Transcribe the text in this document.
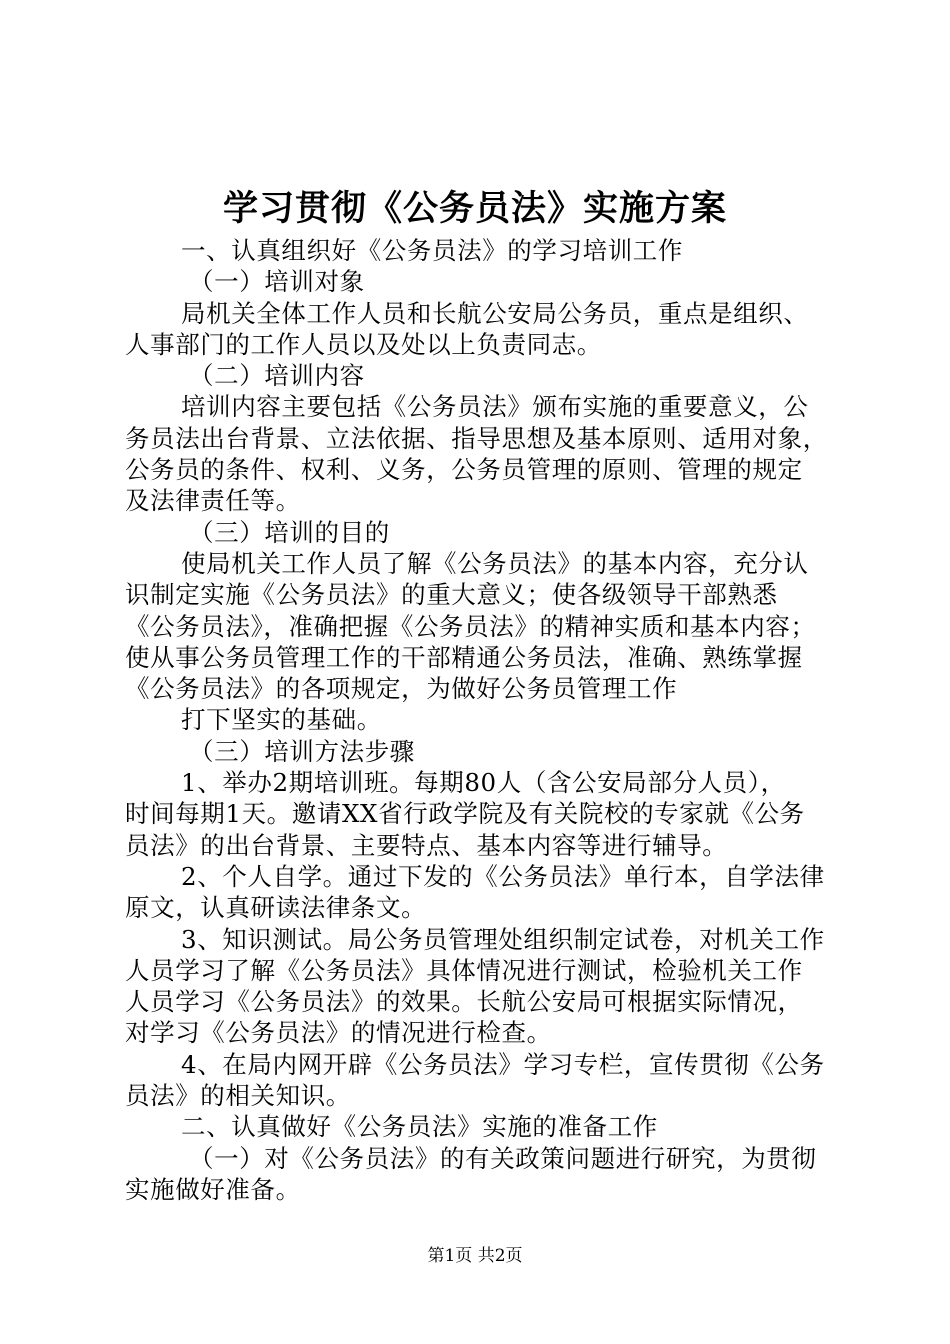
学习贯彻《公务员法》实施方案
一、认真组织好《公务员法》的学习培训工作
（一）培训对象
局机关全体工作人员和长航公安局公务员，重点是组织、
人事部门的工作人员以及处以上负责同志。
（二）培训内容
培训内容主要包括《公务员法》颁布实施的重要意义，公
务员法出台背景、立法依据、指导思想及基本原则、适用对象，
公务员的条件、权利、义务，公务员管理的原则、管理的规定
及法律责任等。
（三）培训的目的
使局机关工作人员了解《公务员法》的基本内容，充分认
识制定实施《公务员法》的重大意义；使各级领导干部熟悉
《公务员法》，准确把握《公务员法》的精神实质和基本内容；
使从事公务员管理工作的干部精通公务员法，准确、熟练掌握
《公务员法》的各项规定，为做好公务员管理工作
打下坚实的基础。
（三）培训方法步骤
1、举办2期培训班。每期80人（含公安局部分人员），
时间每期1天。邀请XX省行政学院及有关院校的专家就《公务
员法》的出台背景、主要特点、基本内容等进行辅导。
2、个人自学。通过下发的《公务员法》单行本，自学法律
原文，认真研读法律条文。
3、知识测试。局公务员管理处组织制定试卷，对机关工作
人员学习了解《公务员法》具体情况进行测试，检验机关工作
人员学习《公务员法》的效果。长航公安局可根据实际情况，
对学习《公务员法》的情况进行检查。
4、在局内网开辟《公务员法》学习专栏，宣传贯彻《公务
员法》的相关知识。
二、认真做好《公务员法》实施的准备工作
（一）对《公务员法》的有关政策问题进行研究，为贯彻
实施做好准备。
第1页 共2页
